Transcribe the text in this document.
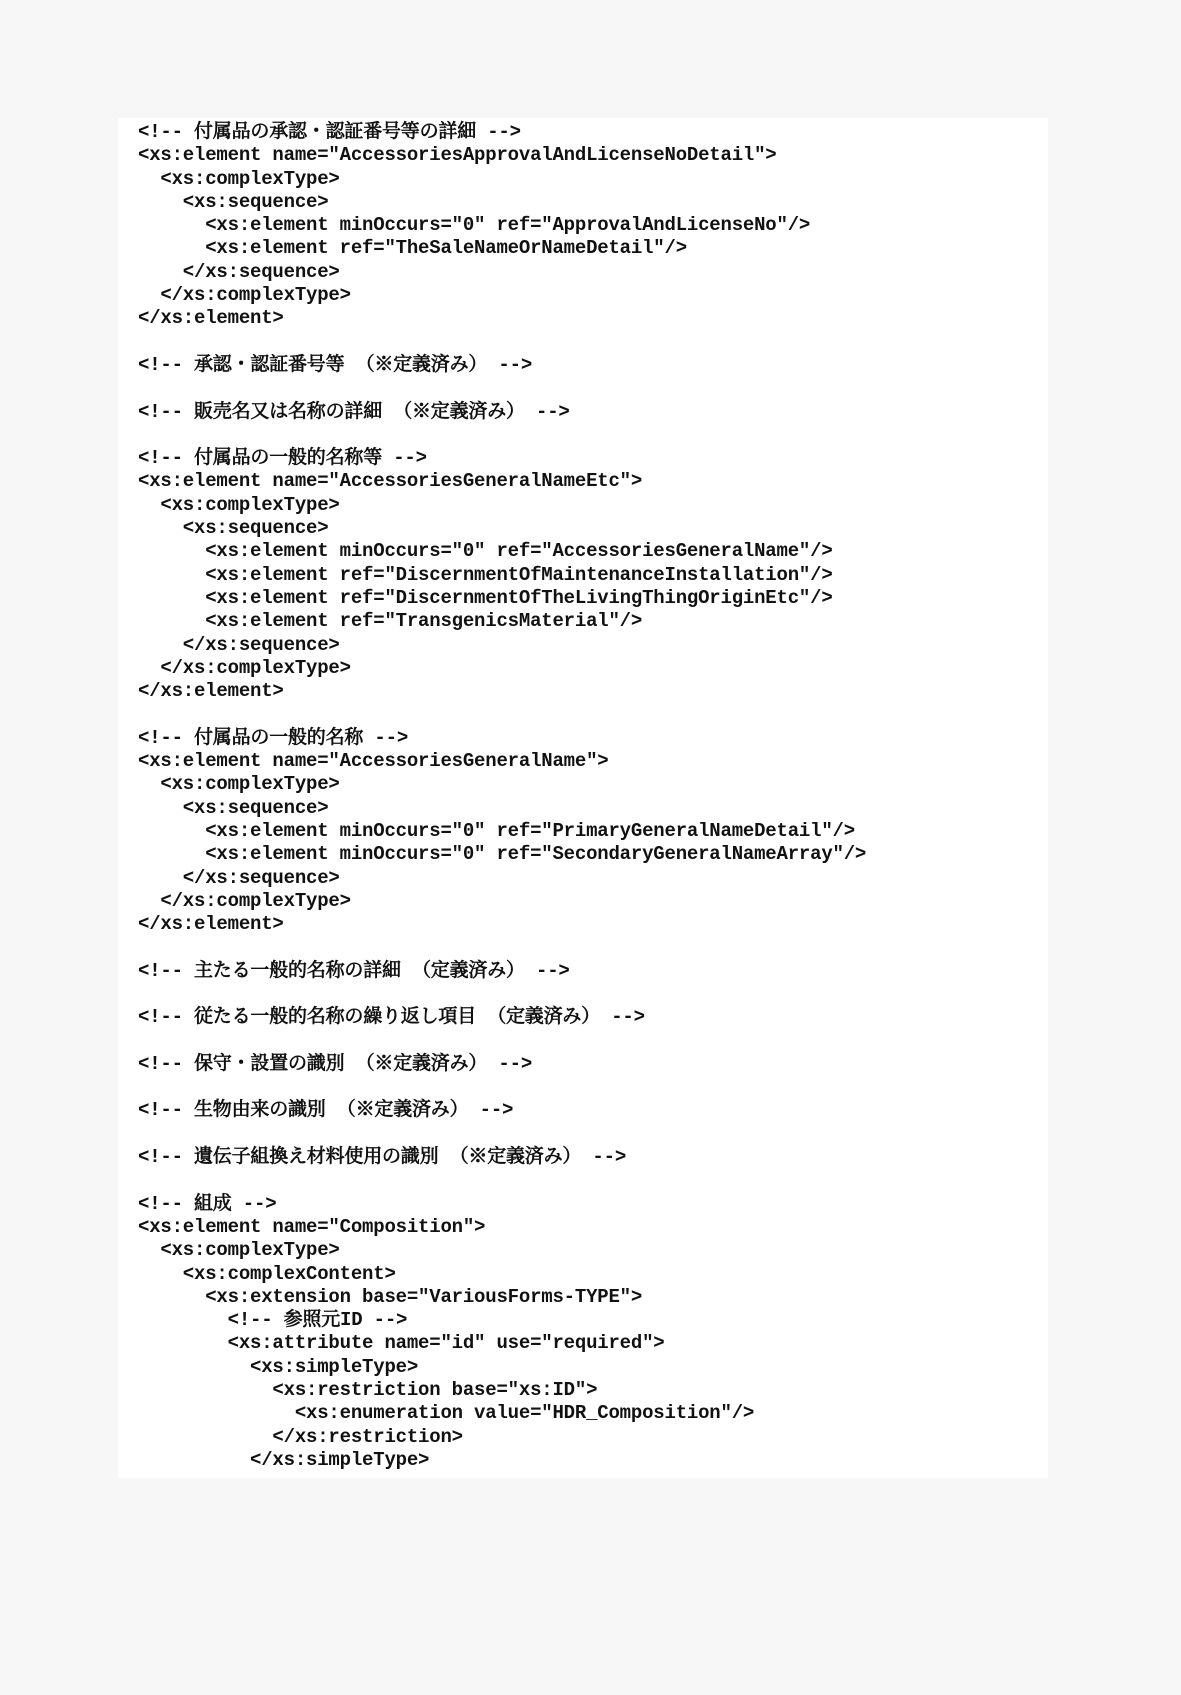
<!-- 付属品の承認・認証番号等の詳細 -->
<xs:element name="AccessoriesApprovalAndLicenseNoDetail">
<xs:complexType>
<xs:sequence>
<xs:element minOccurs="0" ref="ApprovalAndLicenseNo"/>
<xs:element ref="TheSaleNameOrNameDetail"/>
</xs:sequence>
</xs:complexType>
</xs:element>
<!-- 承認・認証番号等 （※定義済み） -->
<!-- 販売名又は名称の詳細 （※定義済み） -->
<!-- 付属品の一般的名称等 -->
<xs:element name="AccessoriesGeneralNameEtc">
<xs:complexType>
<xs:sequence>
<xs:element minOccurs="0" ref="AccessoriesGeneralName"/>
<xs:element ref="DiscernmentOfMaintenanceInstallation"/>
<xs:element ref="DiscernmentOfTheLivingThingOriginEtc"/>
<xs:element ref="TransgenicsMaterial"/>
</xs:sequence>
</xs:complexType>
</xs:element>
<!-- 付属品の一般的名称 -->
<xs:element name="AccessoriesGeneralName">
<xs:complexType>
<xs:sequence>
<xs:element minOccurs="0" ref="PrimaryGeneralNameDetail"/>
<xs:element minOccurs="0" ref="SecondaryGeneralNameArray"/>
</xs:sequence>
</xs:complexType>
</xs:element>
<!-- 主たる一般的名称の詳細 （定義済み） -->
<!-- 従たる一般的名称の繰り返し項目 （定義済み） -->
<!-- 保守・設置の識別 （※定義済み） -->
<!-- 生物由来の識別 （※定義済み） -->
<!-- 遺伝子組換え材料使用の識別 （※定義済み） -->
<!-- 組成 -->
<xs:element name="Composition">
<xs:complexType>
<xs:complexContent>
<xs:extension base="VariousForms-TYPE">
<!-- 参照元ID -->
<xs:attribute name="id" use="required">
<xs:simpleType>
<xs:restriction base="xs:ID">
<xs:enumeration value="HDR_Composition"/>
</xs:restriction>
</xs:simpleType>
